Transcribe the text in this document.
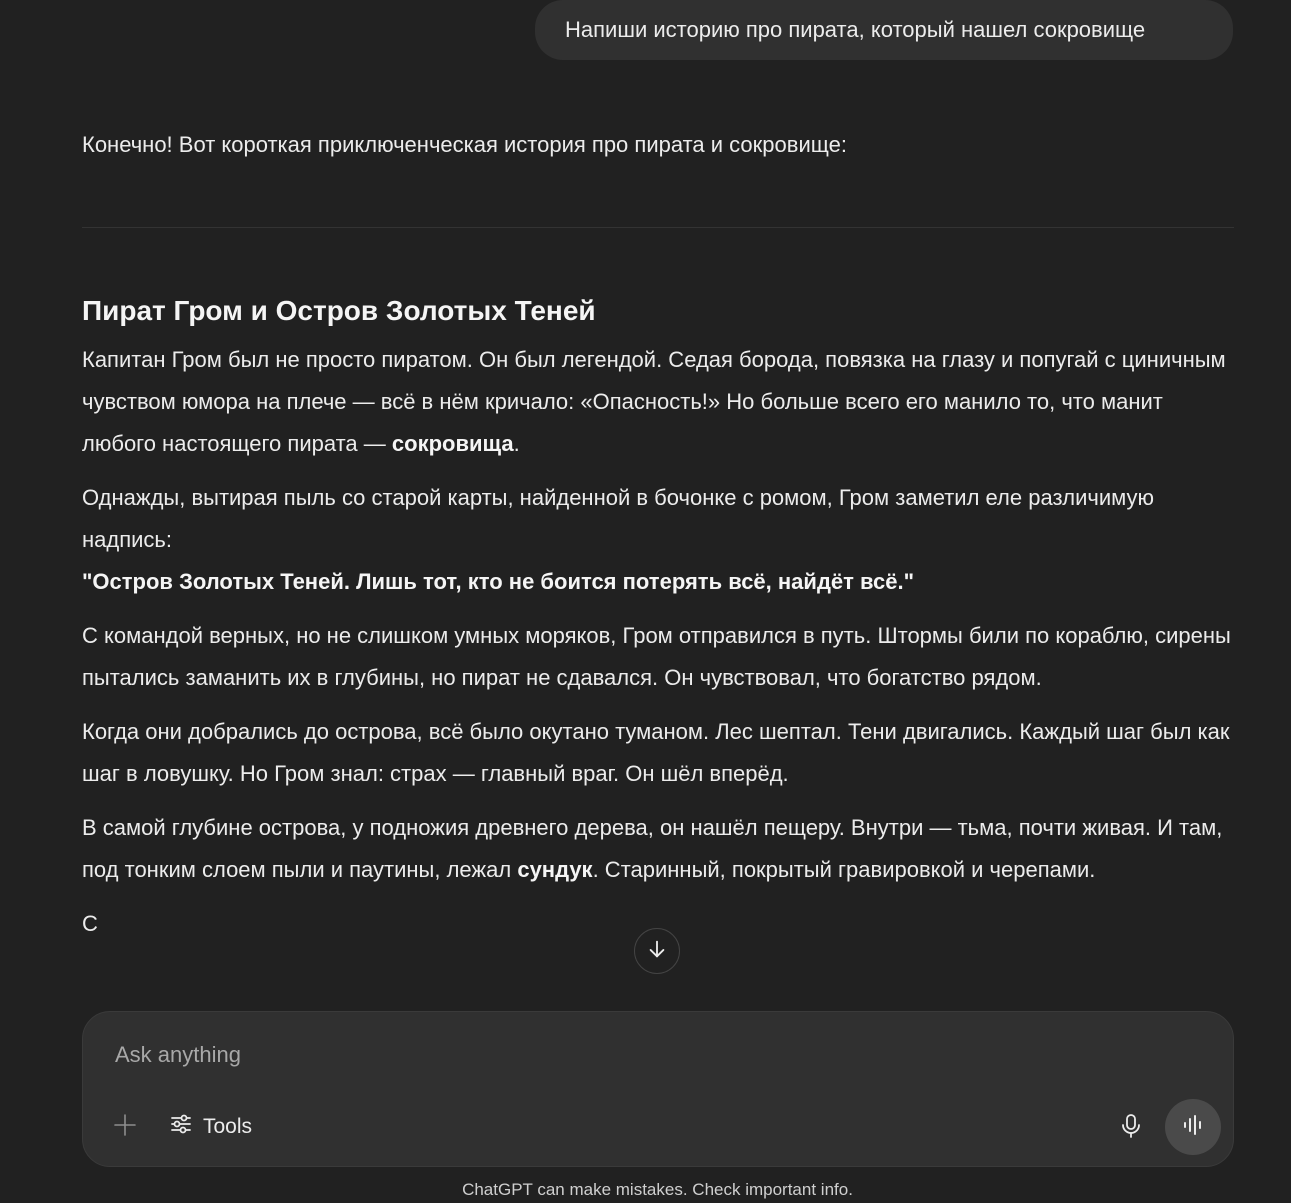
Напиши историю про пирата, который нашел сокровище

Конечно! Вот короткая приключенческая история про пирата и сокровище:

Пират Гром и Остров Золотых Теней

Капитан Гром был не просто пиратом. Он был легендой. Седая борода, повязка на глазу и попугай с циничным чувством юмора на плече — всё в нём кричало: «Опасность!» Но больше всего его манило то, что манит любого настоящего пирата — сокровища.

Однажды, вытирая пыль со старой карты, найденной в бочонке с ромом, Гром заметил еле различимую надпись:
"Остров Золотых Теней. Лишь тот, кто не боится потерять всё, найдёт всё."

С командой верных, но не слишком умных моряков, Гром отправился в путь. Штормы били по кораблю, сирены пытались заманить их в глубины, но пират не сдавался. Он чувствовал, что богатство рядом.

Когда они добрались до острова, всё было окутано туманом. Лес шептал. Тени двигались. Каждый шаг был как шаг в ловушку. Но Гром знал: страх — главный враг. Он шёл вперёд.

В самой глубине острова, у подножия древнего дерева, он нашёл пещеру. Внутри — тьма, почти живая. И там, под тонким слоем пыли и паутины, лежал сундук. Старинный, покрытый гравировкой и черепами.

С

Ask anything
Tools
ChatGPT can make mistakes. Check important info.
